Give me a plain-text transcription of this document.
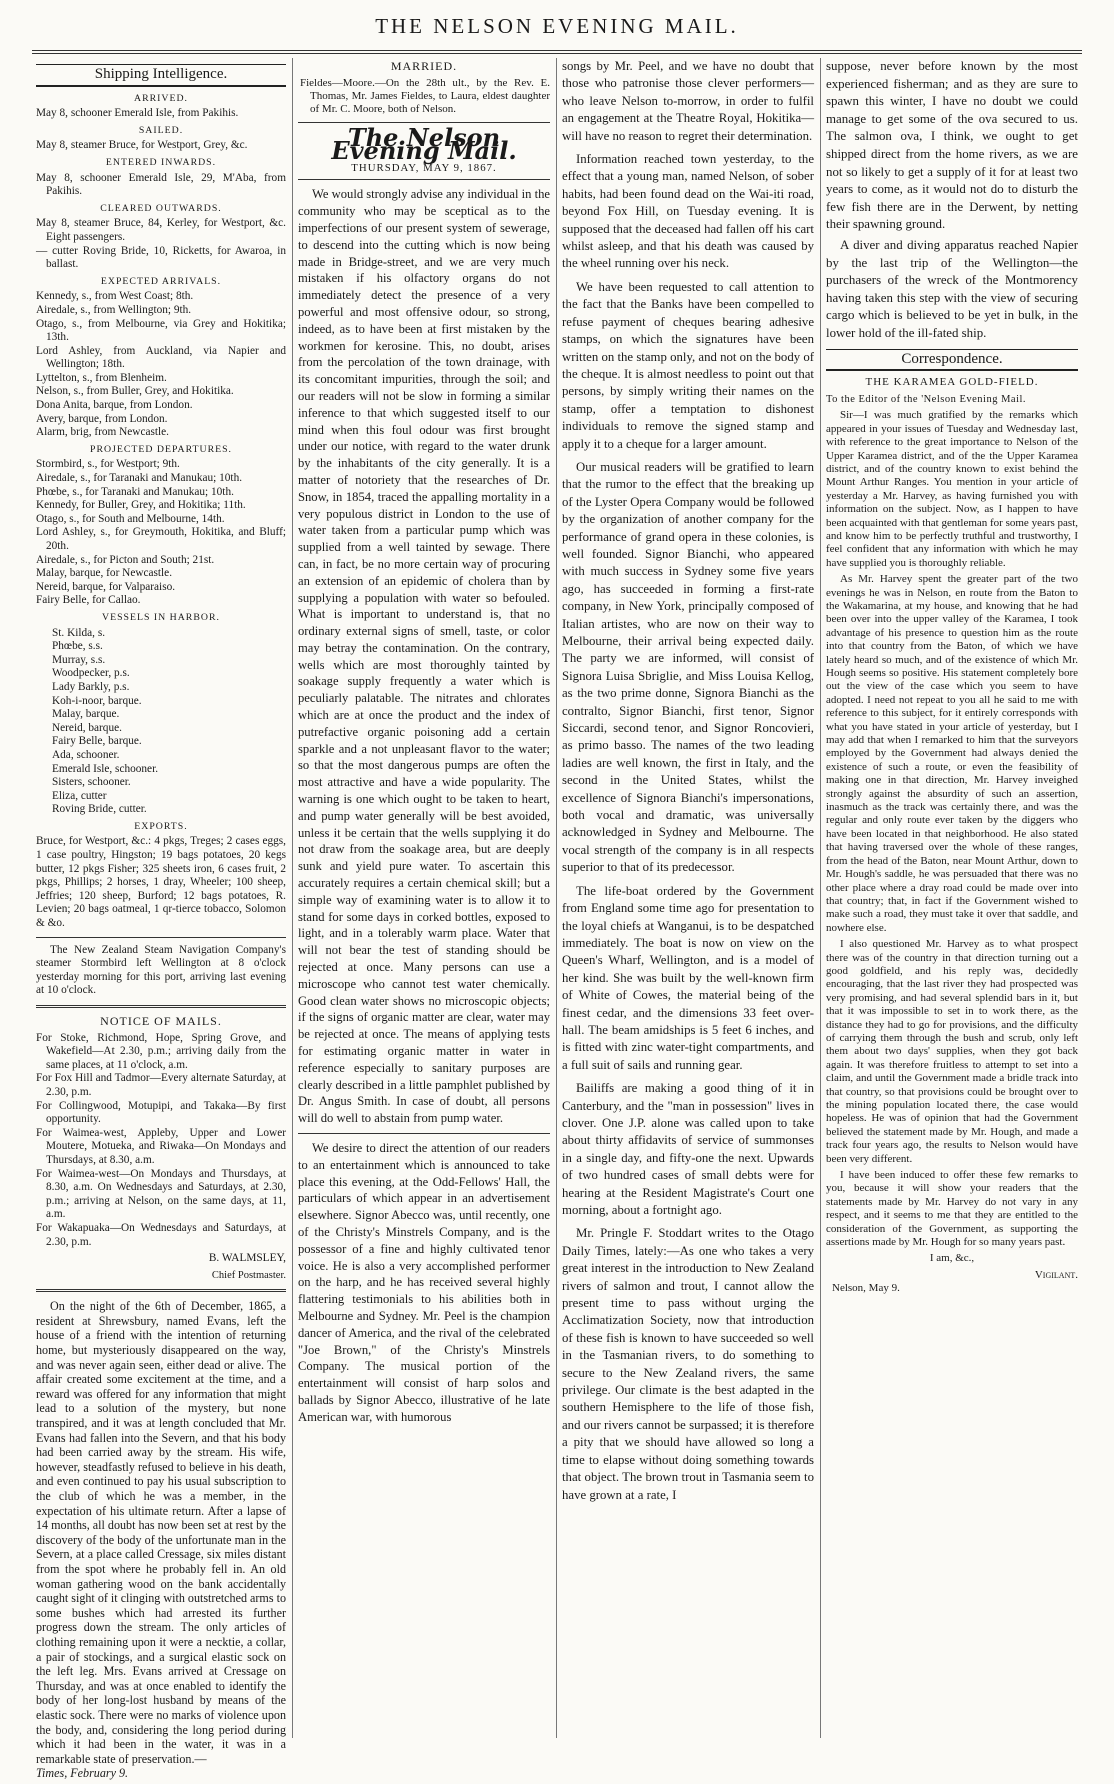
THE NELSON EVENING MAIL.
Shipping Intelligence.
ARRIVED.

May 8, schooner Emerald Isle, from Pakihis.

SAILED.

May 8, steamer Bruce, for Westport, Grey, &c.

ENTERED INWARDS.

May 8, schooner Emerald Isle, 29, M'Aba, from Pakihis.

CLEARED OUTWARDS.

May 8, steamer Bruce, 84, Kerley, for Westport, &c. Eight passengers.

— cutter Roving Bride, 10, Ricketts, for Awaroa, in ballast.

EXPECTED ARRIVALS.

Kennedy, s., from West Coast; 8th.

Airedale, s., from Wellington; 9th.

Otago, s., from Melbourne, via Grey and Hokitika; 13th.

Lord Ashley, from Auckland, via Napier and Wellington; 18th.

Lyttelton, s., from Blenheim.

Nelson, s., from Buller, Grey, and Hokitika.

Dona Anita, barque, from London.

Avery, barque, from London.

Alarm, brig, from Newcastle.

PROJECTED DEPARTURES.

Stormbird, s., for Westport; 9th.

Airedale, s., for Taranaki and Manukau; 10th.

Phœbe, s., for Taranaki and Manukau; 10th.

Kennedy, for Buller, Grey, and Hokitika; 11th.

Otago, s., for South and Melbourne, 14th.

Lord Ashley, s., for Greymouth, Hokitika, and Bluff; 20th.

Airedale, s., for Picton and South; 21st.

Malay, barque, for Newcastle.

Nereid, barque, for Valparaiso.

Fairy Belle, for Callao.

VESSELS IN HARBOR.
St. Kilda, s.
Phœbe, s.s.
Murray, s.s.
Woodpecker, p.s.
Lady Barkly, p.s.
Koh-i-noor, barque.
Malay, barque.
Nereid, barque.
Fairy Belle, barque.
Ada, schooner.
Emerald Isle, schooner.
Sisters, schooner.
Eliza, cutter
Roving Bride, cutter.
EXPORTS.

Bruce, for Westport, &c.: 4 pkgs, Treges; 2 cases eggs, 1 case poultry, Hingston; 19 bags potatoes, 20 kegs butter, 12 pkgs Fisher; 325 sheets iron, 6 cases fruit, 2 pkgs, Phillips; 2 horses, 1 dray, Wheeler; 100 sheep, Jeffries; 120 sheep, Burford; 12 bags potatoes, R. Levien; 20 bags oatmeal, 1 qr-tierce tobacco, Solomon & &o.

The New Zealand Steam Navigation Company's steamer Stormbird left Wellington at 8 o'clock yesterday morning for this port, arriving last evening at 10 o'clock.

NOTICE OF MAILS.

For Stoke, Richmond, Hope, Spring Grove, and Wakefield—At 2.30, p.m.; arriving daily from the same places, at 11 o'clock, a.m.

For Fox Hill and Tadmor—Every alternate Saturday, at 2.30, p.m.

For Collingwood, Motupipi, and Takaka—By first opportunity.

For Waimea-west, Appleby, Upper and Lower Moutere, Motueka, and Riwaka—On Mondays and Thursdays, at 8.30, a.m.

For Waimea-west—On Mondays and Thursdays, at 8.30, a.m. On Wednesdays and Saturdays, at 2.30, p.m.; arriving at Nelson, on the same days, at 11, a.m.

For Wakapuaka—On Wednesdays and Saturdays, at 2.30, p.m.

B. WALMSLEY,
Chief Postmaster.

On the night of the 6th of December, 1865, a resident at Shrewsbury, named Evans, left the house of a friend with the intention of returning home, but mysteriously disappeared on the way, and was never again seen, either dead or alive. The affair created some excitement at the time, and a reward was offered for any information that might lead to a solution of the mystery, but none transpired, and it was at length concluded that Mr. Evans had fallen into the Severn, and that his body had been carried away by the stream. His wife, however, steadfastly refused to believe in his death, and even continued to pay his usual subscription to the club of which he was a member, in the expectation of his ultimate return. After a lapse of 14 months, all doubt has now been set at rest by the discovery of the body of the unfortunate man in the Severn, at a place called Cressage, six miles distant from the spot where he probably fell in. An old woman gathering wood on the bank accidentally caught sight of it clinging with outstretched arms to some bushes which had arrested its further progress down the stream. The only articles of clothing remaining upon it were a necktie, a collar, a pair of stockings, and a surgical elastic sock on the left leg. Mrs. Evans arrived at Cressage on Thursday, and was at once enabled to identify the body of her long-lost husband by means of the elastic sock. There were no marks of violence upon the body, and, considering the long period during which it had been in the water, it was in a remarkable state of preservation.—

Times, February 9.

MARRIED.

Fieldes—Moore.—On the 28th ult., by the Rev. E. Thomas, Mr. James Fieldes, to Laura, eldest daughter of Mr. C. Moore, both of Nelson.

The Nelson Evening Mail.
THURSDAY, MAY 9, 1867.

We would strongly advise any individual in the community who may be sceptical as to the imperfections of our present system of sewerage, to descend into the cutting which is now being made in Bridge-street, and we are very much mistaken if his olfactory organs do not immediately detect the presence of a very powerful and most offensive odour, so strong, indeed, as to have been at first mistaken by the workmen for kerosine. This, no doubt, arises from the percolation of the town drainage, with its concomitant impurities, through the soil; and our readers will not be slow in forming a similar inference to that which suggested itself to our mind when this foul odour was first brought under our notice, with regard to the water drunk by the inhabitants of the city generally. It is a matter of notoriety that the researches of Dr. Snow, in 1854, traced the appalling mortality in a very populous district in London to the use of water taken from a particular pump which was supplied from a well tainted by sewage. There can, in fact, be no more certain way of procuring an extension of an epidemic of cholera than by supplying a population with water so befouled. What is important to understand is, that no ordinary external signs of smell, taste, or color may betray the contamination. On the contrary, wells which are most thoroughly tainted by soakage supply frequently a water which is peculiarly palatable. The nitrates and chlorates which are at once the product and the index of putrefactive organic poisoning add a certain sparkle and a not unpleasant flavor to the water; so that the most dangerous pumps are often the most attractive and have a wide popularity. The warning is one which ought to be taken to heart, and pump water generally will be best avoided, unless it be certain that the wells supplying it do not draw from the soakage area, but are deeply sunk and yield pure water. To ascertain this accurately requires a certain chemical skill; but a simple way of examining water is to allow it to stand for some days in corked bottles, exposed to light, and in a tolerably warm place. Water that will not bear the test of standing should be rejected at once. Many persons can use a microscope who cannot test water chemically. Good clean water shows no microscopic objects; if the signs of organic matter are clear, water may be rejected at once. The means of applying tests for estimating organic matter in water in reference especially to sanitary purposes are clearly described in a little pamphlet published by Dr. Angus Smith. In case of doubt, all persons will do well to abstain from pump water.

We desire to direct the attention of our readers to an entertainment which is announced to take place this evening, at the Odd-Fellows' Hall, the particulars of which appear in an advertisement elsewhere. Signor Abecco was, until recently, one of the Christy's Minstrels Company, and is the possessor of a fine and highly cultivated tenor voice. He is also a very accomplished performer on the harp, and he has received several highly flattering testimonials to his abilities both in Melbourne and Sydney. Mr. Peel is the champion dancer of America, and the rival of the celebrated "Joe Brown," of the Christy's Minstrels Company. The musical portion of the entertainment will consist of harp solos and ballads by Signor Abecco, illustrative of he late American war, with humorous

songs by Mr. Peel, and we have no doubt that those who patronise those clever performers—who leave Nelson to-morrow, in order to fulfil an engagement at the Theatre Royal, Hokitika—will have no reason to regret their determination.

Information reached town yesterday, to the effect that a young man, named Nelson, of sober habits, had been found dead on the Wai-iti road, beyond Fox Hill, on Tuesday evening. It is supposed that the deceased had fallen off his cart whilst asleep, and that his death was caused by the wheel running over his neck.

We have been requested to call attention to the fact that the Banks have been compelled to refuse payment of cheques bearing adhesive stamps, on which the signatures have been written on the stamp only, and not on the body of the cheque. It is almost needless to point out that persons, by simply writing their names on the stamp, offer a temptation to dishonest individuals to remove the signed stamp and apply it to a cheque for a larger amount.

Our musical readers will be gratified to learn that the rumor to the effect that the breaking up of the Lyster Opera Company would be followed by the organization of another company for the performance of grand opera in these colonies, is well founded. Signor Bianchi, who appeared with much success in Sydney some five years ago, has succeeded in forming a first-rate company, in New York, principally composed of Italian artistes, who are now on their way to Melbourne, their arrival being expected daily. The party we are informed, will consist of Signora Luisa Sbriglie, and Miss Louisa Kellog, as the two prime donne, Signora Bianchi as the contralto, Signor Bianchi, first tenor, Signor Siccardi, second tenor, and Signor Roncovieri, as primo basso. The names of the two leading ladies are well known, the first in Italy, and the second in the United States, whilst the excellence of Signora Bianchi's impersonations, both vocal and dramatic, was universally acknowledged in Sydney and Melbourne. The vocal strength of the company is in all respects superior to that of its predecessor.

The life-boat ordered by the Government from England some time ago for presentation to the loyal chiefs at Wanganui, is to be despatched immediately. The boat is now on view on the Queen's Wharf, Wellington, and is a model of her kind. She was built by the well-known firm of White of Cowes, the material being of the finest cedar, and the dimensions 33 feet over-hall. The beam amidships is 5 feet 6 inches, and is fitted with zinc water-tight compartments, and a full suit of sails and running gear.

Bailiffs are making a good thing of it in Canterbury, and the "man in possession" lives in clover. One J.P. alone was called upon to take about thirty affidavits of service of summonses in a single day, and fifty-one the next. Upwards of two hundred cases of small debts were for hearing at the Resident Magistrate's Court one morning, about a fortnight ago.

Mr. Pringle F. Stoddart writes to the Otago Daily Times, lately:—As one who takes a very great interest in the introduction to New Zealand rivers of salmon and trout, I cannot allow the present time to pass without urging the Acclimatization Society, now that introduction of these fish is known to have succeeded so well in the Tasmanian rivers, to do something to secure to the New Zealand rivers, the same privilege. Our climate is the best adapted in the southern Hemisphere to the life of those fish, and our rivers cannot be surpassed; it is therefore a pity that we should have allowed so long a time to elapse without doing something towards that object. The brown trout in Tasmania seem to have grown at a rate, I

suppose, never before known by the most experienced fisherman; and as they are sure to spawn this winter, I have no doubt we could manage to get some of the ova secured to us. The salmon ova, I think, we ought to get shipped direct from the home rivers, as we are not so likely to get a supply of it for at least two years to come, as it would not do to disturb the few fish there are in the Derwent, by netting their spawning ground.

A diver and diving apparatus reached Napier by the last trip of the Wellington—the purchasers of the wreck of the Montmorency having taken this step with the view of securing cargo which is believed to be yet in bulk, in the lower hold of the ill-fated ship.

Correspondence.
THE KARAMEA GOLD-FIELD.

To the Editor of the 'Nelson Evening Mail.

Sir—I was much gratified by the remarks which appeared in your issues of Tuesday and Wednesday last, with reference to the great importance to Nelson of the Upper Karamea district, and of the the Upper Karamea district, and of the country known to exist behind the Mount Arthur Ranges. You mention in your article of yesterday a Mr. Harvey, as having furnished you with information on the subject. Now, as I happen to have been acquainted with that gentleman for some years past, and know him to be perfectly truthful and trustworthy, I feel confident that any information with which he may have supplied you is thoroughly reliable.

As Mr. Harvey spent the greater part of the two evenings he was in Nelson, en route from the Baton to the Wakamarina, at my house, and knowing that he had been over into the upper valley of the Karamea, I took advantage of his presence to question him as the route into that country from the Baton, of which we have lately heard so much, and of the existence of which Mr. Hough seems so positive. His statement completely bore out the view of the case which you seem to have adopted. I need not repeat to you all he said to me with reference to this subject, for it entirely corresponds with what you have stated in your article of yesterday, but I may add that when I remarked to him that the surveyors employed by the Government had always denied the existence of such a route, or even the feasibility of making one in that direction, Mr. Harvey inveighed strongly against the absurdity of such an assertion, inasmuch as the track was certainly there, and was the regular and only route ever taken by the diggers who have been located in that neighborhood. He also stated that having traversed over the whole of these ranges, from the head of the Baton, near Mount Arthur, down to Mr. Hough's saddle, he was persuaded that there was no other place where a dray road could be made over into that country; that, in fact if the Government wished to make such a road, they must take it over that saddle, and nowhere else.

I also questioned Mr. Harvey as to what prospect there was of the country in that direction turning out a good goldfield, and his reply was, decidedly encouraging, that the last river they had prospected was very promising, and had several splendid bars in it, but that it was impossible to set in to work there, as the distance they had to go for provisions, and the difficulty of carrying them through the bush and scrub, only left them about two days' supplies, when they got back again. It was therefore fruitless to attempt to set into a claim, and until the Government made a bridle track into that country, so that provisions could be brought over to the mining population located there, the case would hopeless. He was of opinion that had the Government believed the statement made by Mr. Hough, and made a track four years ago, the results to Nelson would have been very different.

I have been induced to offer these few remarks to you, because it will show your readers that the statements made by Mr. Harvey do not vary in any respect, and it seems to me that they are entitled to the consideration of the Government, as supporting the assertions made by Mr. Hough for so many years past.

I am, &c.,

Vigilant.

Nelson, May 9.
